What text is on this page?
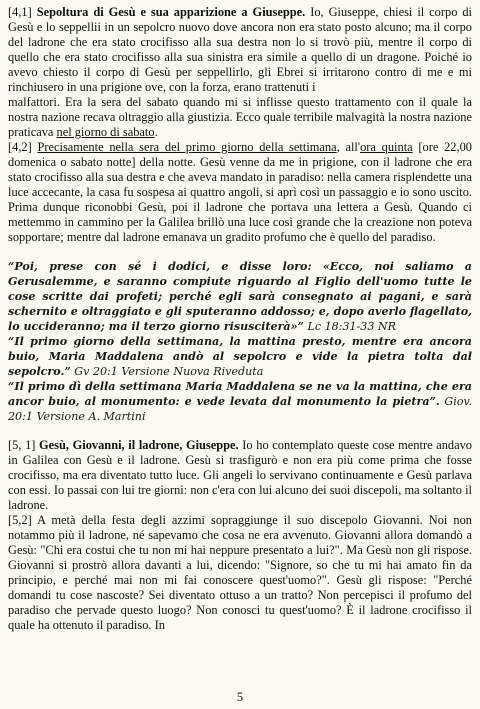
[4,1] Sepoltura di Gesù e sua apparizione a Giuseppe. Io, Giuseppe, chiesi il corpo di Gesù e lo seppellii in un sepolcro nuovo dove ancora non era stato posto alcuno; ma il corpo del ladrone che era stato crocifisso alla sua destra non lo si trovò più, mentre il corpo di quello che era stato crocifisso alla sua sinistra era simile a quello di un dragone. Poiché io avevo chiesto il corpo di Gesù per seppellirlo, gli Ebrei si irritarono contro di me e mi rinchiusero in una prigione ove, con la forza, erano trattenuti i

malfattori. Era la sera del sabato quando mi si inflisse questo trattamento con il quale la nostra nazione recava oltraggio alla giustizia. Ecco quale terribile malvagità la nostra nazione praticava nel giorno di sabato.

[4,2] Precisamente nella sera del primo giorno della settimana, all'ora quinta [ore 22,00 domenica o sabato notte] della notte. Gesù venne da me in prigione, con il ladrone che era stato crocifisso alla sua destra e che aveva mandato in paradiso: nella camera risplendette una luce accecante, la casa fu sospesa ai quattro angoli, si aprì così un passaggio e io sono uscito. Prima dunque riconobbi Gesù, poi il ladrone che portava una lettera a Gesù. Quando ci mettemmo in cammino per la Galilea brillò una luce così grande che la creazione non poteva sopportare; mentre dal ladrone emanava un gradito profumo che è quello del paradiso.

“Poi, prese con sé i dodici, e disse loro: «Ecco, noi saliamo a Gerusalemme, e saranno compiute riguardo al Figlio dell'uomo tutte le cose scritte dai profeti; perché egli sarà consegnato ai pagani, e sarà schernito e oltraggiato e gli sputeranno addosso; e, dopo averlo flagellato, lo uccideranno; ma il terzo giorno risusciterà»” Lc 18:31-33 NR

“Il primo giorno della settimana, la mattina presto, mentre era ancora buio, Maria Maddalena andò al sepolcro e vide la pietra tolta dal sepolcro.” Gv 20:1 Versione Nuova Riveduta

“Il primo dì della settimana Maria Maddalena se ne va la mattina, che era ancor buio, al monumento: e vede levata dal monumento la pietra”. Giov. 20:1 Versione A. Martini

[5, 1] Gesù, Giovanni, il ladrone, Giuseppe. Io ho contemplato queste cose mentre andavo in Galilea con Gesù e il ladrone. Gesù si trasfigurò e non era più come prima che fosse crocifisso, ma era diventato tutto luce. Gli angeli lo servivano continuamente e Gesù parlava con essi. Io passai con lui tre giorni: non c'era con lui alcuno dei suoi discepoli, ma soltanto il ladrone.

[5,2] A metà della festa degli azzimi sopraggiunge il suo discepolo Giovanni. Noi non notammo più il ladrone, né sapevamo che cosa ne era avvenuto. Giovanni allora domandò a Gesù: "Chi era costui che tu non mi hai neppure presentato a lui?". Ma Gesù non gli rispose. Giovanni si prostrò allora davanti a lui, dicendo: "Signore, so che tu mi hai amato fin da principio, e perché mai non mi fai conoscere quest'uomo?". Gesù gli rispose: "Perché domandi tu cose nascoste? Sei diventato ottuso a un tratto? Non percepisci il profumo del paradiso che pervade questo luogo? Non conosci tu quest'uomo? È il ladrone crocifisso il quale ha ottenuto il paradiso. In

5
